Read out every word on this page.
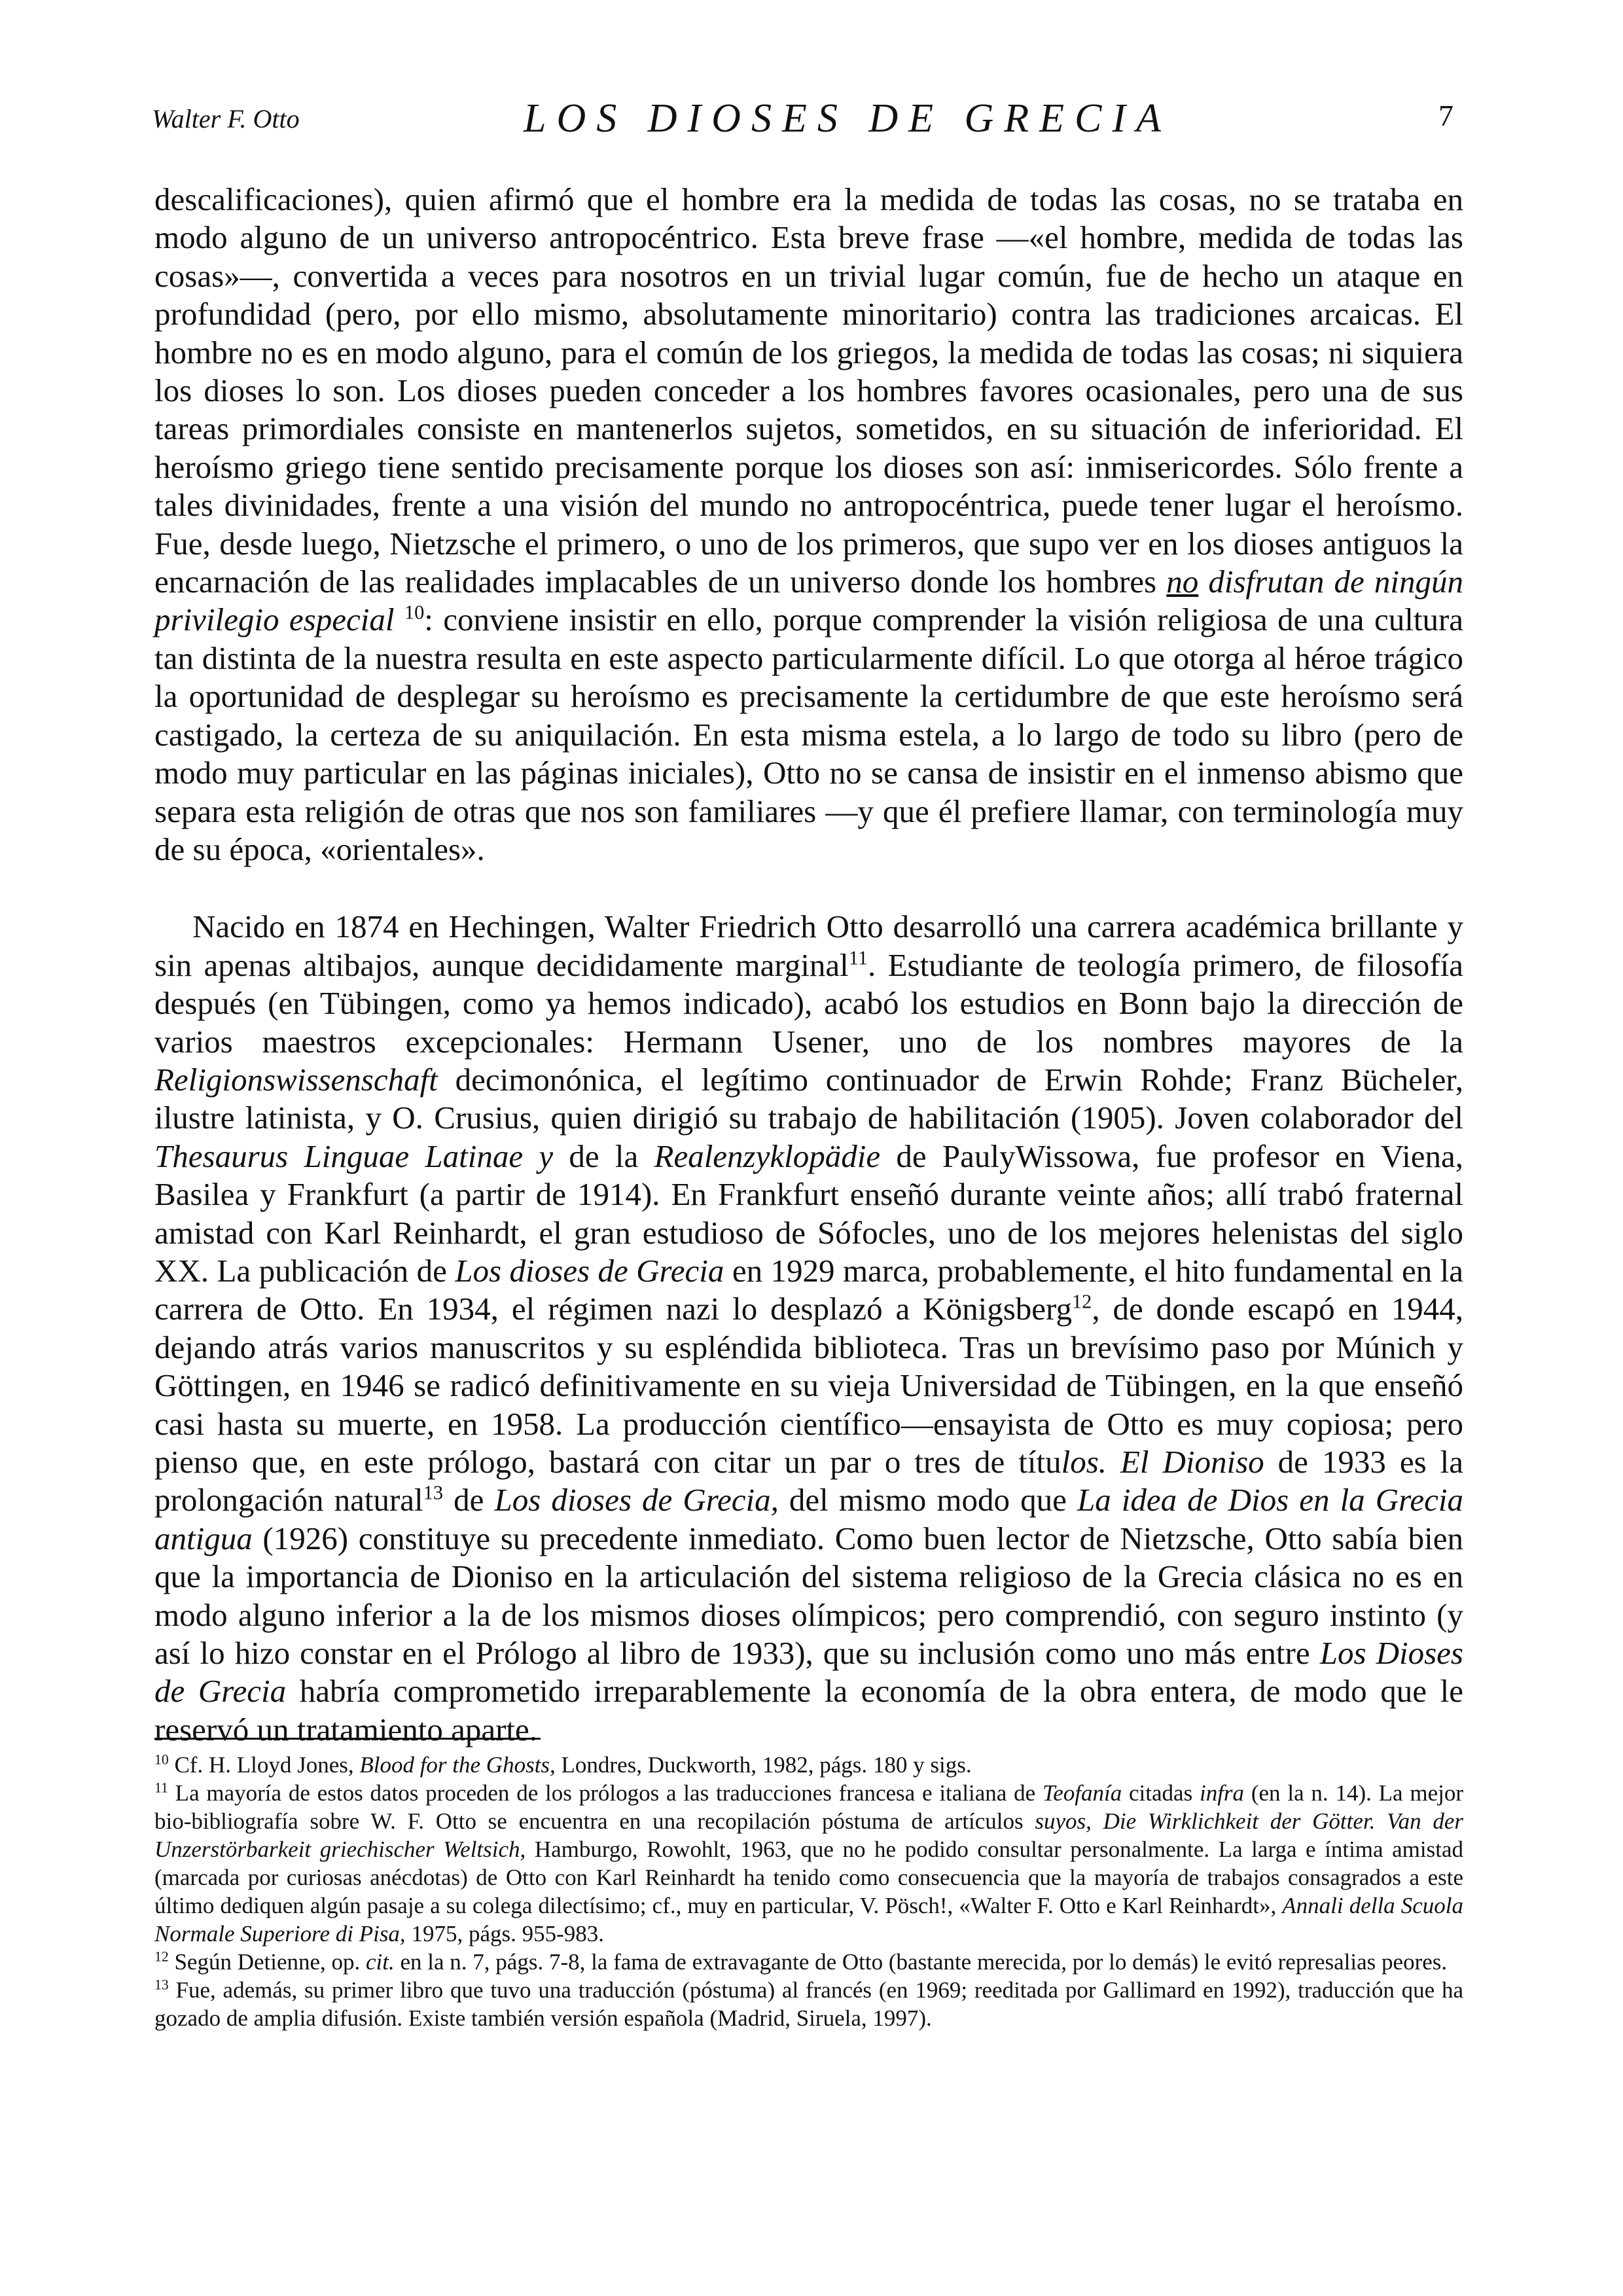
Walter F. Otto	LOS DIOSES DE GRECIA	7

descalificaciones), quien afirmó que el hombre era la medida de todas las cosas, no se trataba en modo alguno de un universo antropocéntrico. Esta breve frase —«el hombre, medida de todas las cosas»—, convertida a veces para nosotros en un trivial lugar común, fue de hecho un ataque en profundidad (pero, por ello mismo, absolutamente minoritario) contra las tradiciones arcaicas. El hombre no es en modo alguno, para el común de los griegos, la medida de todas las cosas; ni siquiera los dioses lo son. Los dioses pueden conceder a los hombres favores ocasionales, pero una de sus tareas primordiales consiste en mantenerlos sujetos, sometidos, en su situación de inferioridad. El heroísmo griego tiene sentido precisamente porque los dioses son así: inmisericordes. Sólo frente a tales divinidades, frente a una visión del mundo no antropocéntrica, puede tener lugar el heroísmo. Fue, desde luego, Nietzsche el primero, o uno de los primeros, que supo ver en los dioses antiguos la encarnación de las realidades implacables de un universo donde los hombres no disfrutan de ningún privilegio especial $^{10}$: conviene insistir en ello, porque comprender la visión religiosa de una cultura tan distinta de la nuestra resulta en este aspecto particularmente difícil. Lo que otorga al héroe trágico la oportunidad de desplegar su heroísmo es precisamente la certidumbre de que este heroísmo será castigado, la certeza de su aniquilación. En esta misma estela, a lo largo de todo su libro (pero de modo muy particular en las páginas iniciales), Otto no se cansa de insistir en el inmenso abismo que separa esta religión de otras que nos son familiares —y que él prefiere llamar, con terminología muy de su época, «orientales».

Nacido en 1874 en Hechingen, Walter Friedrich Otto desarrolló una carrera académica brillante y sin apenas altibajos, aunque decididamente marginal$^{11}$. Estudiante de teología primero, de filosofía después (en Tübingen, como ya hemos indicado), acabó los estudios en Bonn bajo la dirección de varios maestros excepcionales: Hermann Usener, uno de los nombres mayores de la Religionswissenschaft decimonónica, el legítimo continuador de Erwin Rohde; Franz Bücheler, ilustre latinista, y O. Crusius, quien dirigió su trabajo de habilitación (1905). Joven colaborador del Thesaurus Linguae Latinae y de la Realenzyklopädie de PaulyWissowa, fue profesor en Viena, Basilea y Frankfurt (a partir de 1914). En Frankfurt enseñó durante veinte años; allí trabó fraternal amistad con Karl Reinhardt, el gran estudioso de Sófocles, uno de los mejores helenistas del siglo XX. La publicación de Los dioses de Grecia en 1929 marca, probablemente, el hito fundamental en la carrera de Otto. En 1934, el régimen nazi lo desplazó a Königsberg$^{12}$, de donde escapó en 1944, dejando atrás varios manuscritos y su espléndida biblioteca. Tras un brevísimo paso por Múnich y Göttingen, en 1946 se radicó definitivamente en su vieja Universidad de Tübingen, en la que enseñó casi hasta su muerte, en 1958. La producción científico—ensayista de Otto es muy copiosa; pero pienso que, en este prólogo, bastará con citar un par o tres de títulos. El Dioniso de 1933 es la prolongación natural$^{13}$ de Los dioses de Grecia, del mismo modo que La idea de Dios en la Grecia antigua (1926) constituye su precedente inmediato. Como buen lector de Nietzsche, Otto sabía bien que la importancia de Dioniso en la articulación del sistema religioso de la Grecia clásica no es en modo alguno inferior a la de los mismos dioses olímpicos; pero comprendió, con seguro instinto (y así lo hizo constar en el Prólogo al libro de 1933), que su inclusión como uno más entre Los Dioses de Grecia habría comprometido irreparablemente la economía de la obra entera, de modo que le reservó un tratamiento aparte.

$^{10}$ Cf. H. Lloyd Jones, Blood for the Ghosts, Londres, Duckworth, 1982, págs. 180 y sigs.

$^{11}$ La mayoría de estos datos proceden de los prólogos a las traducciones francesa e italiana de Teofanía citadas infra (en la n. 14). La mejor bio-bibliografía sobre W. F. Otto se encuentra en una recopilación póstuma de artículos suyos, Die Wirklichkeit der Götter. Van der Unzerstörbarkeit griechischer Weltsich, Hamburgo, Rowohlt, 1963, que no he podido consultar personalmente. La larga e íntima amistad (marcada por curiosas anécdotas) de Otto con Karl Reinhardt ha tenido como consecuencia que la mayoría de trabajos consagrados a este último dediquen algún pasaje a su colega dilectísimo; cf., muy en particular, V. Pösch!, «Walter F. Otto e Karl Reinhardt», Annali della Scuola Normale Superiore di Pisa, 1975, págs. 955-983.

$^{12}$ Según Detienne, op. cit. en la n. 7, págs. 7-8, la fama de extravagante de Otto (bastante merecida, por lo demás) le evitó represalias peores.

$^{13}$ Fue, además, su primer libro que tuvo una traducción (póstuma) al francés (en 1969; reeditada por Gallimard en 1992), traducción que ha gozado de amplia difusión. Existe también versión española (Madrid, Siruela, 1997).
